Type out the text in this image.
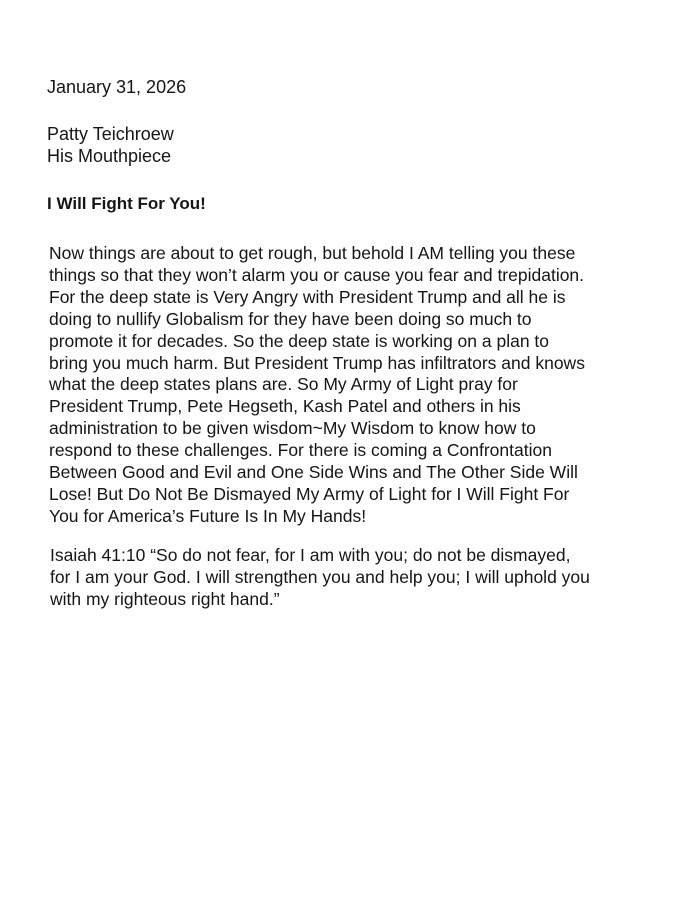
January 31, 2026
Patty Teichroew
His Mouthpiece
I Will Fight For You!
Now things are about to get rough, but behold I AM telling you these
things so that they won’t alarm you or cause you fear and trepidation.
For the deep state is Very Angry with President Trump and all he is
doing to nullify Globalism for they have been doing so much to
promote it for decades. So the deep state is working on a plan to
bring you much harm. But President Trump has infiltrators and knows
what the deep states plans are. So My Army of Light pray for
President Trump, Pete Hegseth, Kash Patel and others in his
administration to be given wisdom~My Wisdom to know how to
respond to these challenges. For there is coming a Confrontation
Between Good and Evil and One Side Wins and The Other Side Will
Lose! But Do Not Be Dismayed My Army of Light for I Will Fight For
You for America’s Future Is In My Hands!
Isaiah 41:10 “So do not fear, for I am with you; do not be dismayed,
for I am your God. I will strengthen you and help you; I will uphold you
with my righteous right hand.”
